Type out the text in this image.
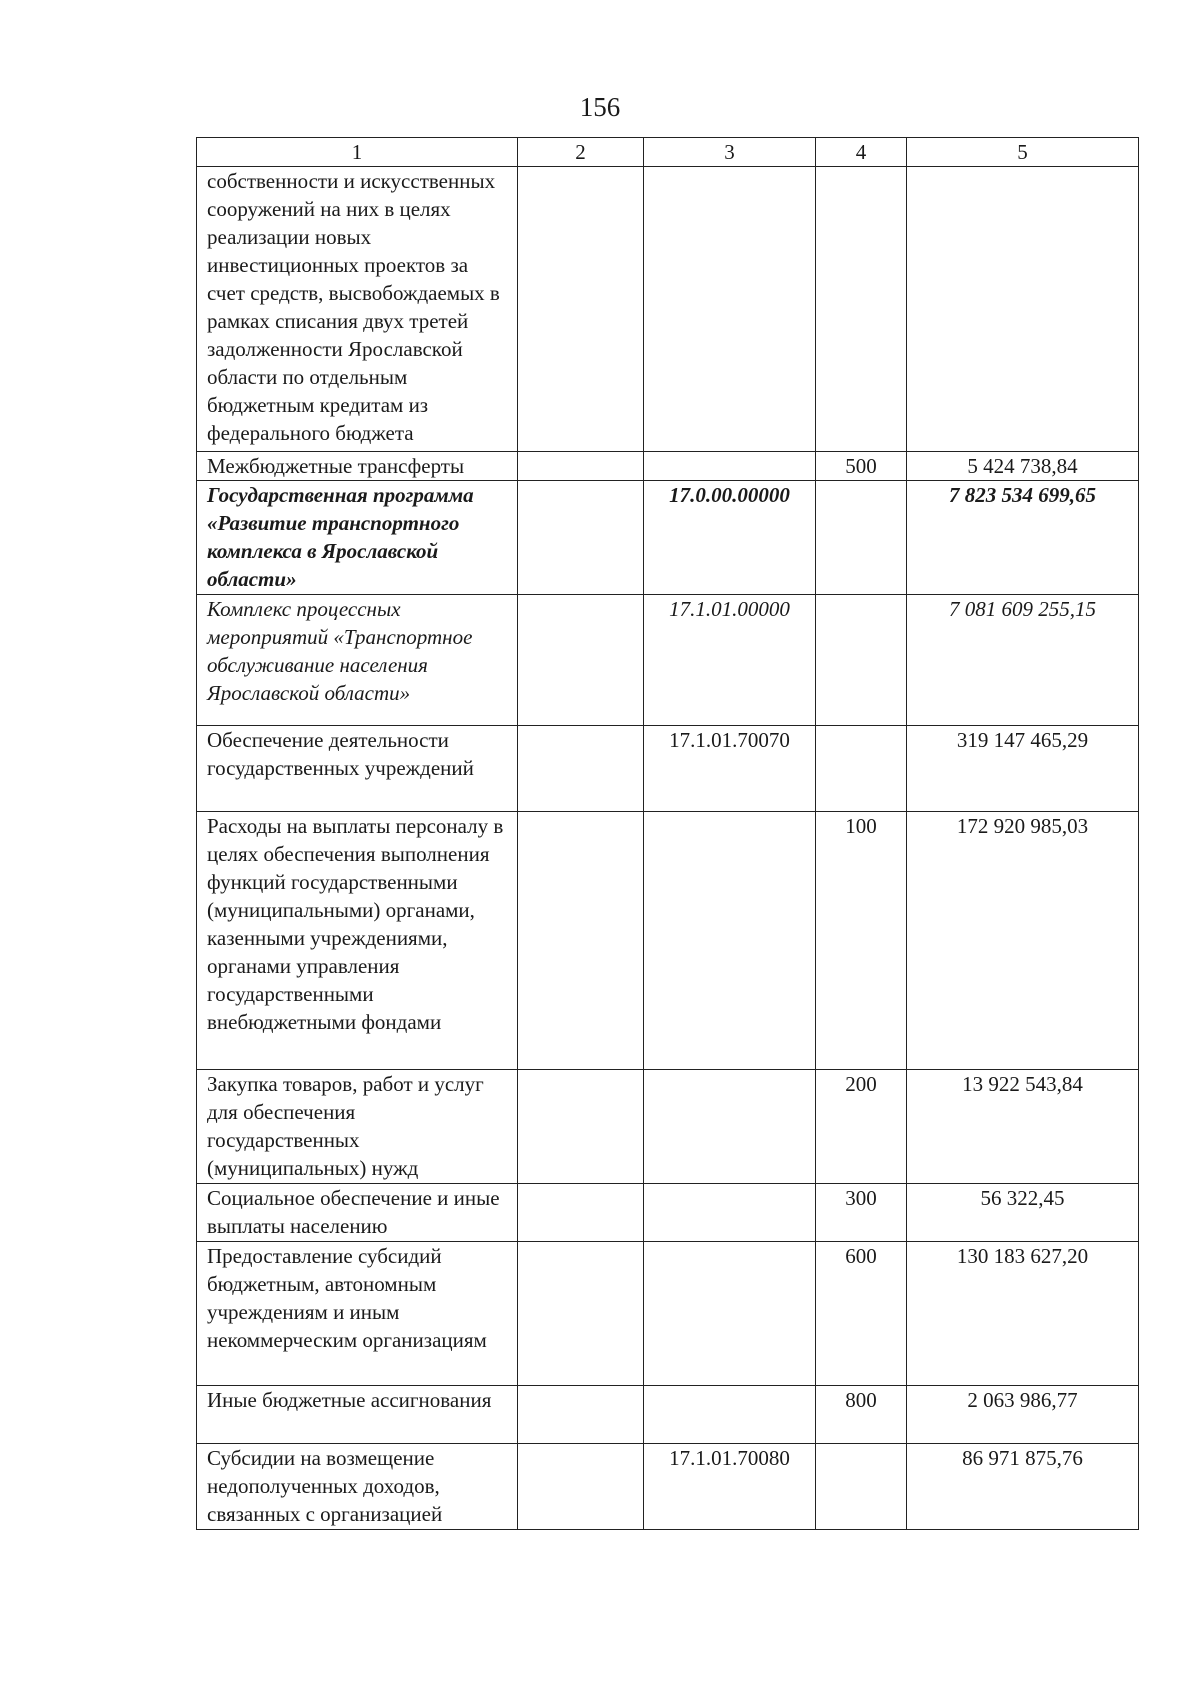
156
1	2	3	4	5
собственности и искусственных сооружений на них в целях реализации новых инвестиционных проектов за счет средств, высвобождаемых в рамках списания двух третей задолженности Ярославской области по отдельным бюджетным кредитам из федерального бюджета				
Межбюджетные трансферты			500	5 424 738,84
Государственная программа «Развитие транспортного комплекса в Ярославской области»		17.0.00.00000		7 823 534 699,65
Комплекс процессных мероприятий «Транспортное обслуживание населения Ярославской области»		17.1.01.00000		7 081 609 255,15
Обеспечение деятельности государственных учреждений		17.1.01.70070		319 147 465,29
Расходы на выплаты персоналу в целях обеспечения выполнения функций государственными (муниципальными) органами, казенными учреждениями, органами управления государственными внебюджетными фондами			100	172 920 985,03
Закупка товаров, работ и услуг для обеспечения государственных (муниципальных) нужд			200	13 922 543,84
Социальное обеспечение и иные выплаты населению			300	56 322,45
Предоставление субсидий бюджетным, автономным учреждениям и иным некоммерческим организациям			600	130 183 627,20
Иные бюджетные ассигнования			800	2 063 986,77
Субсидии на возмещение недополученных доходов, связанных с организацией		17.1.01.70080		86 971 875,76
